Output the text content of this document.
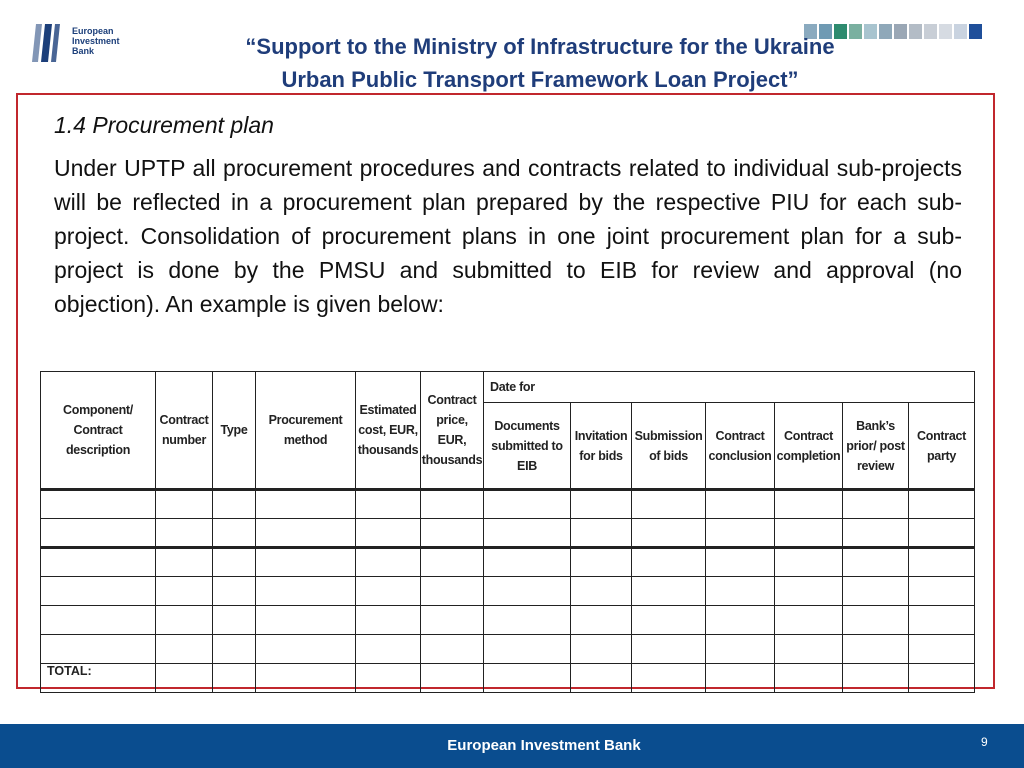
European
Investment
Bank	“Support to the Ministry of Infrastructure for the Ukraine
Urban Public Transport Framework Loan Project”
1.4 Procurement plan
Under UPTP all procurement procedures and contracts related to individual sub-projects will be reflected in a procurement plan prepared by the respective PIU for each sub-project. Consolidation of procurement plans in one joint procurement plan for a sub-project is done by the PMSU and submitted to EIB for review and approval (no objection). An example is given below:
Component/ Contract description	Contract number	Type	Procurement method	Estimated cost, EUR, thousands	Contract price, EUR, thousands	Date for						
						Documents submitted to EIB	Invitation for bids	Submission of bids	Contract conclusion	Contract completion	Bank’s prior/ post review	Contract party

TOTAL:												
European Investment Bank	9
